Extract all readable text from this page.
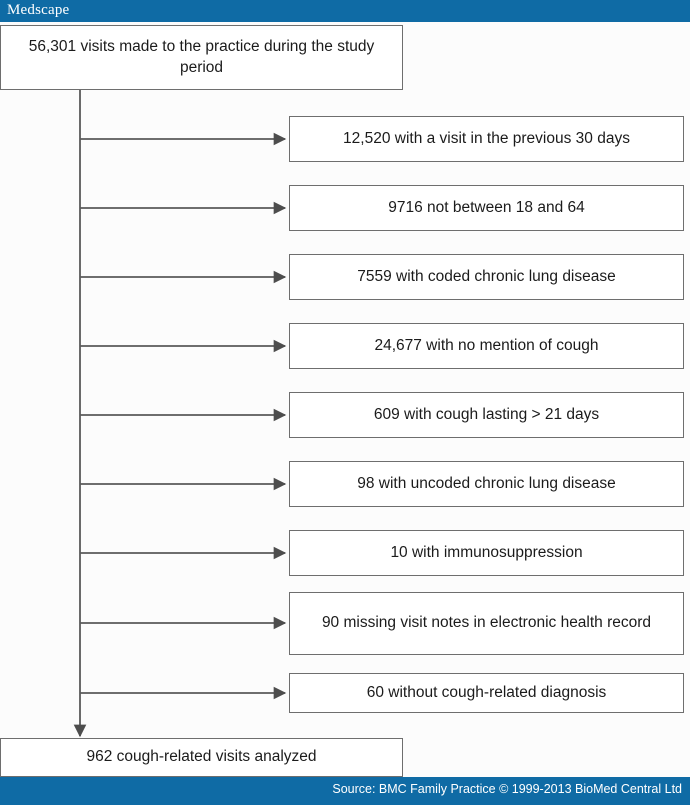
Medscape
56,301 visits made to the practice during the study period
12,520 with a visit in the previous 30 days
9716 not between 18 and 64
7559 with coded chronic lung disease
24,677 with no mention of cough
609 with cough lasting > 21 days
98 with uncoded chronic lung disease
10 with immunosuppression
90 missing visit notes in electronic health record
60 without cough-related diagnosis
962 cough-related visits analyzed
Source: BMC Family Practice © 1999-2013 BioMed Central Ltd
